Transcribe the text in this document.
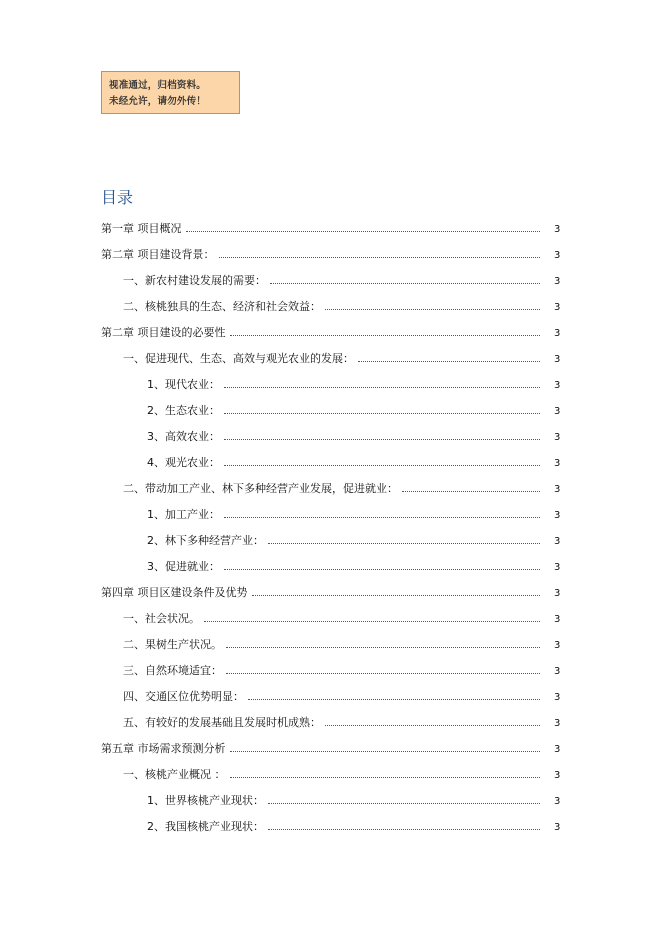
视准通过，归档资料。
未经允许，请勿外传！
目录
第一章 项目概况	3
第二章 项目建设背景：	3
一、新农村建设发展的需要：	3
二、核桃独具的生态、经济和社会效益：	3
第二章 项目建设的必要性	3
一、促进现代、生态、高效与观光农业的发展：	3
1、现代农业：	3
2、生态农业：	3
3、高效农业：	3
4、观光农业：	3
二、带动加工产业、林下多种经营产业发展，促进就业：	3
1、加工产业：	3
2、林下多种经营产业：	3
3、促进就业：	3
第四章 项目区建设条件及优势	3
一、社会状况。	3
二、果树生产状况。	3
三、自然环境适宜：	3
四、交通区位优势明显：	3
五、有较好的发展基础且发展时机成熟：	3
第五章 市场需求预测分析	3
一、核桃产业概况 ：	3
1、世界核桃产业现状：	3
2、我国核桃产业现状：	3
